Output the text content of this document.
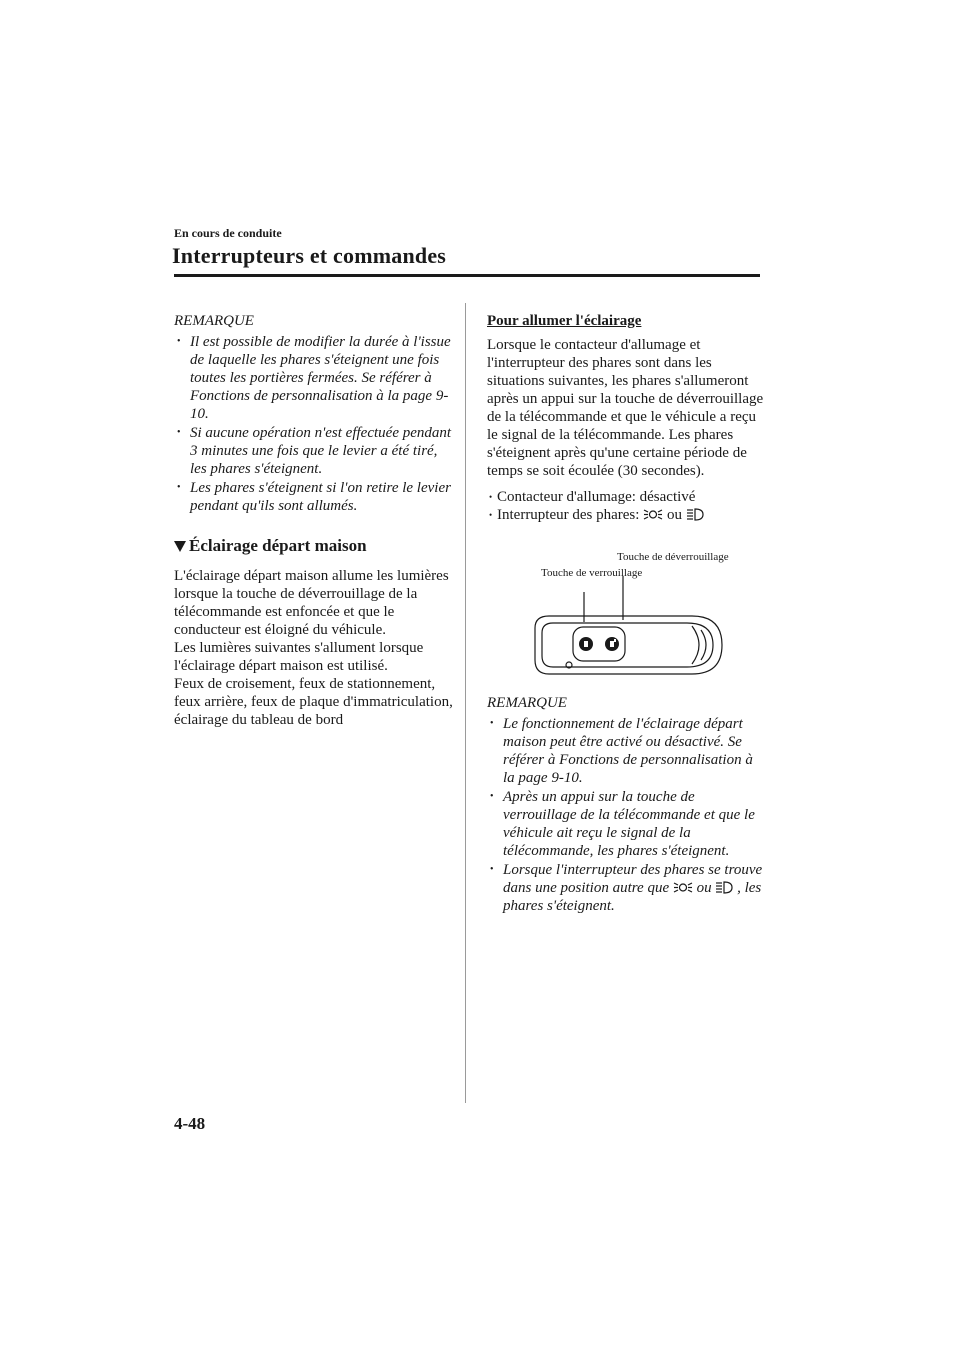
En cours de conduite
Interrupteurs et commandes
REMARQUE
• Il est possible de modifier la durée à l'issue de laquelle les phares s'éteignent une fois toutes les portières fermées. Se référer à Fonctions de personnalisation à la page 9-10.
• Si aucune opération n'est effectuée pendant 3 minutes une fois que le levier a été tiré, les phares s'éteignent.
• Les phares s'éteignent si l'on retire le levier pendant qu'ils sont allumés.
Éclairage départ maison

L'éclairage départ maison allume les lumières lorsque la touche de déverrouillage de la télécommande est enfoncée et que le conducteur est éloigné du véhicule.

Les lumières suivantes s'allument lorsque l'éclairage départ maison est utilisé.

Feux de croisement, feux de stationnement, feux arrière, feux de plaque d'immatriculation, éclairage du tableau de bord

Pour allumer l'éclairage

Lorsque le contacteur d'allumage et l'interrupteur des phares sont dans les situations suivantes, les phares s'allumeront après un appui sur la touche de déverrouillage de la télécommande et que le véhicule a reçu le signal de la télécommande. Les phares s'éteignent après qu'une certaine période de temps se soit écoulée (30 secondes).

• Contacteur d'allumage: désactivé
• Interrupteur des phares:  ou
Touche de verrouillage
Touche de déverrouillage
REMARQUE
• Le fonctionnement de l'éclairage départ maison peut être activé ou désactivé. Se référer à Fonctions de personnalisation à la page 9-10.
• Après un appui sur la touche de verrouillage de la télécommande et que le véhicule ait reçu le signal de la télécommande, les phares s'éteignent.
• Lorsque l'interrupteur des phares se trouve dans une position autre que  ou  , les phares s'éteignent.
4-48
